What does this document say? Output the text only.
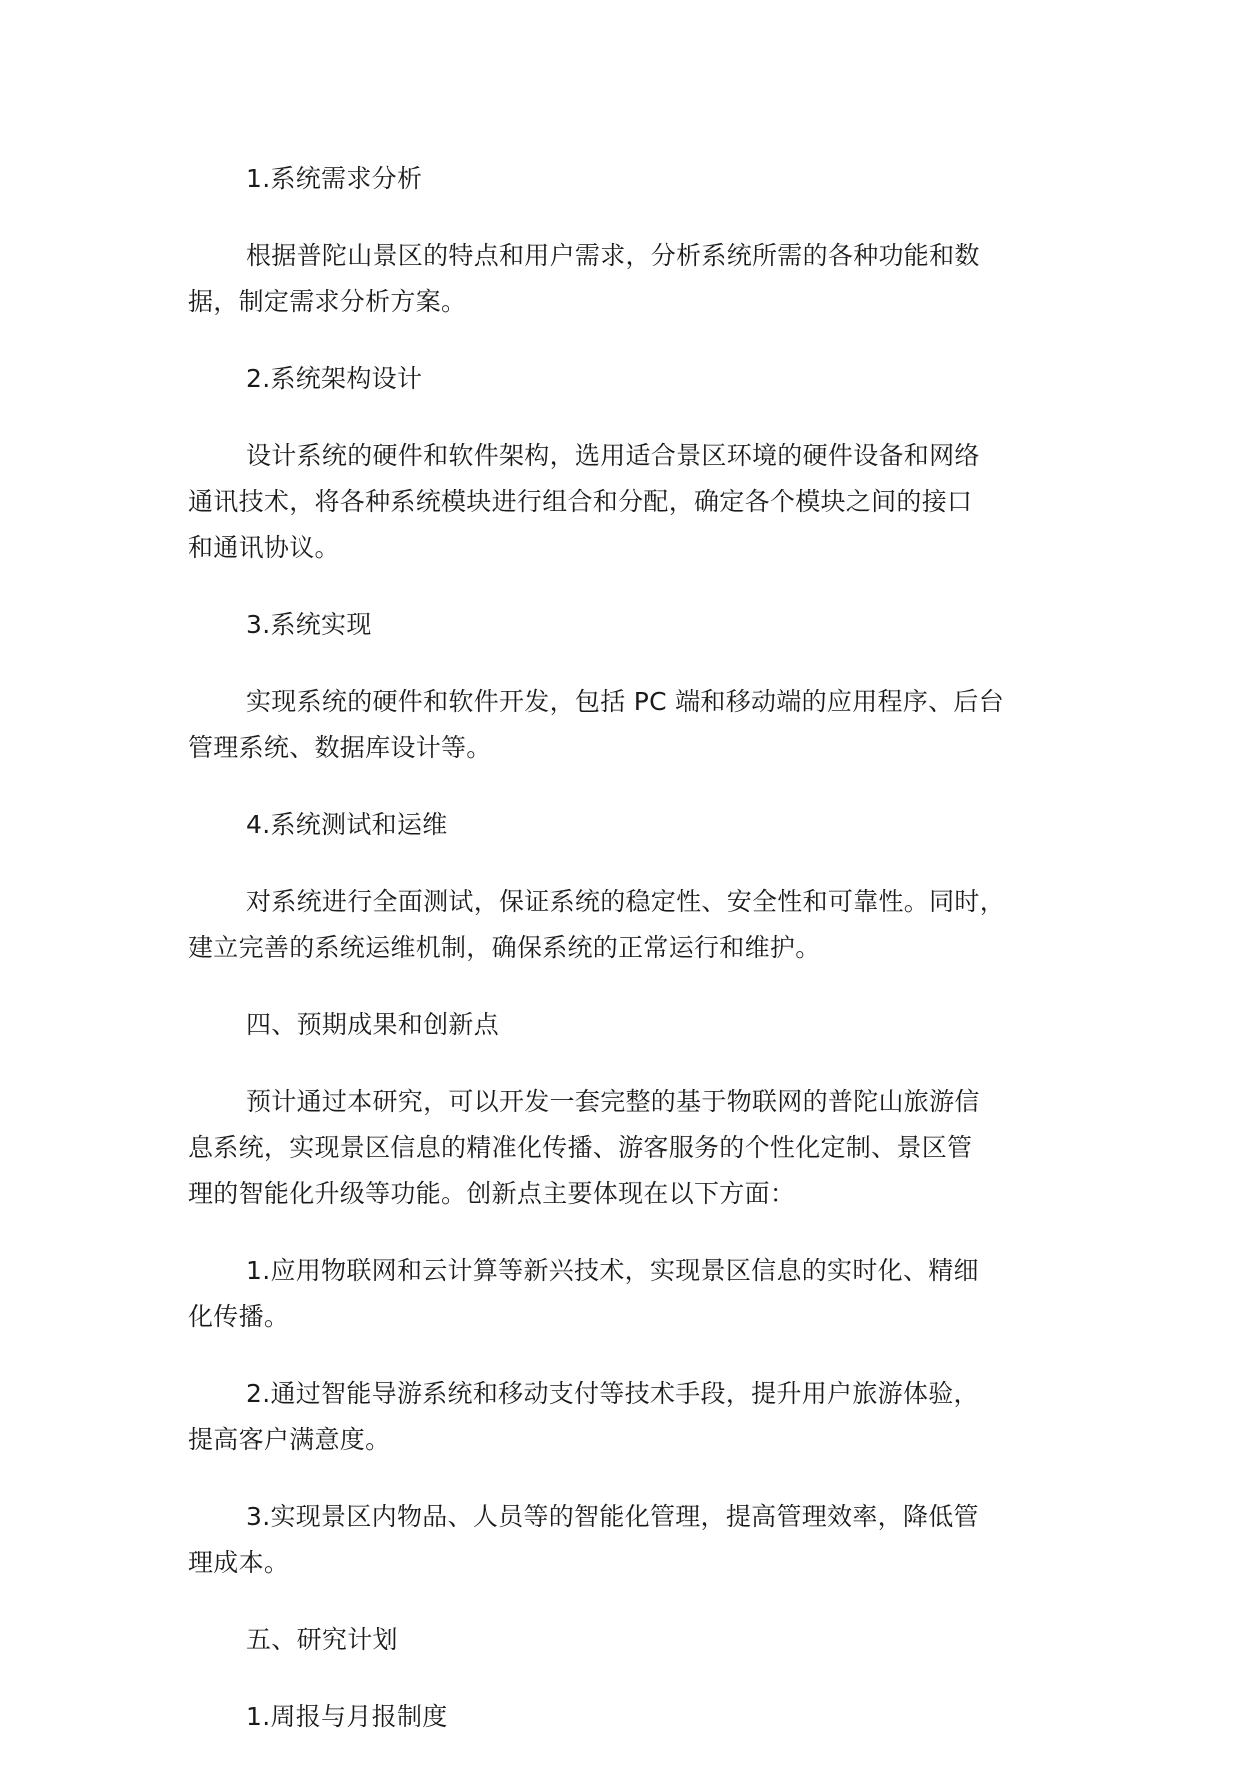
1.系统需求分析

根据普陀山景区的特点和用户需求，分析系统所需的各种功能和数
据，制定需求分析方案。

2.系统架构设计

设计系统的硬件和软件架构，选用适合景区环境的硬件设备和网络
通讯技术，将各种系统模块进行组合和分配，确定各个模块之间的接口
和通讯协议。

3.系统实现

实现系统的硬件和软件开发，包括 PC 端和移动端的应用程序、后台
管理系统、数据库设计等。

4.系统测试和运维

对系统进行全面测试，保证系统的稳定性、安全性和可靠性。同时，
建立完善的系统运维机制，确保系统的正常运行和维护。

四、预期成果和创新点

预计通过本研究，可以开发一套完整的基于物联网的普陀山旅游信
息系统，实现景区信息的精准化传播、游客服务的个性化定制、景区管
理的智能化升级等功能。创新点主要体现在以下方面：

1.应用物联网和云计算等新兴技术，实现景区信息的实时化、精细
化传播。

2.通过智能导游系统和移动支付等技术手段，提升用户旅游体验，
提高客户满意度。

3.实现景区内物品、人员等的智能化管理，提高管理效率，降低管
理成本。

五、研究计划

1.周报与月报制度
